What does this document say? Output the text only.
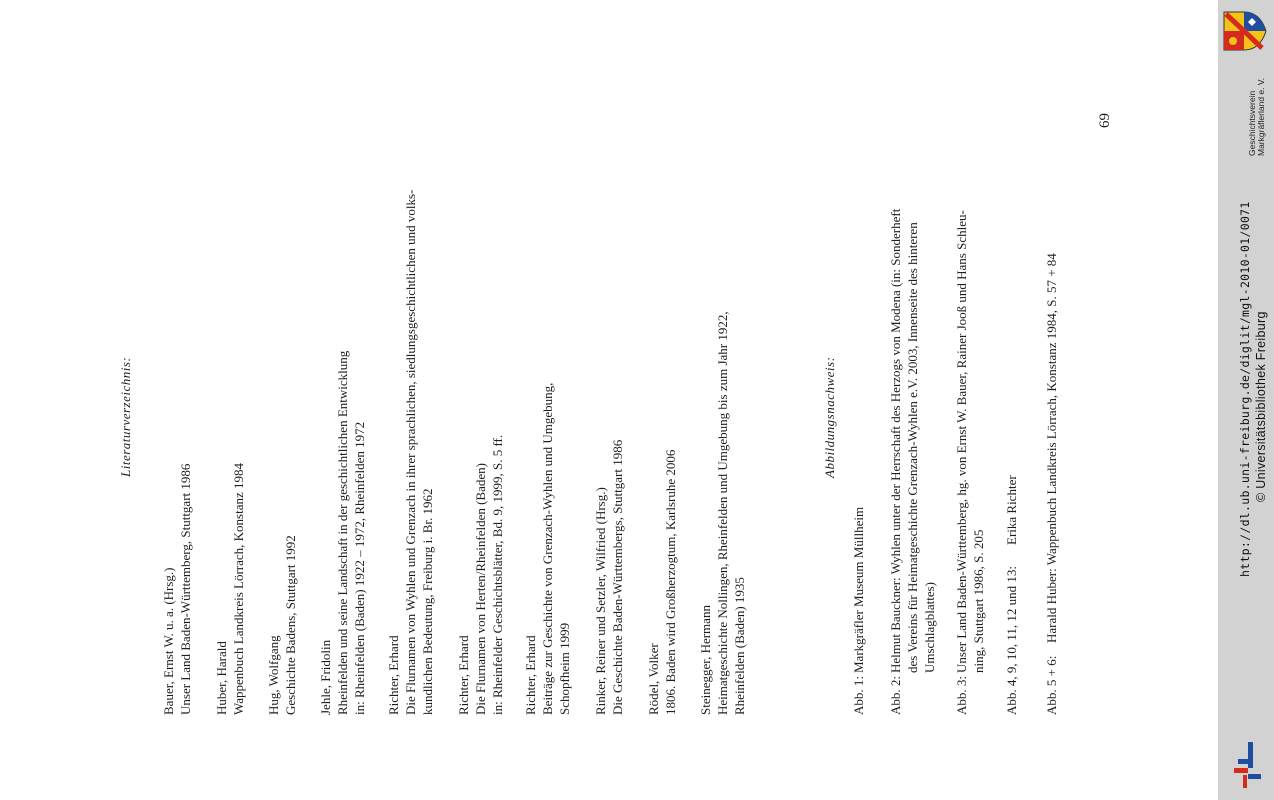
Literaturverzeichnis:
Bauer, Ernst W. u. a. (Hrsg.) Unser Land Baden-Württemberg, Stuttgart 1986 Huber, Harald Wappenbuch Landkreis Lörrach, Konstanz 1984 Hug, Wolfgang Geschichte Badens, Stuttgart 1992 Jehle, Fridolin Rheinfelden und seine Landschaft in der geschichtlichen Entwicklung in: Rheinfelden (Baden) 1922 – 1972, Rheinfelden 1972 Richter, Erhard Die Flurnamen von Wyhlen und Grenzach in ihrer sprachlichen, siedlungsgeschichtlichen und volks- kundlichen Bedeutung, Freiburg i. Br. 1962 Richter, Erhard Die Flurnamen von Herten/Rheinfelden (Baden) in: Rheinfelder Geschichtsblätter, Bd. 9, 1999, S. 5 ff. Richter, Erhard Beiträge zur Geschichte von Grenzach-Wyhlen und Umgebung, Schopfheim 1999 Rinker, Reiner und Setzler, Wilfried (Hrsg.) Die Geschichte Baden-Württembergs, Stuttgart 1986 Rödel, Volker 1806. Baden wird Großherzogtum, Karlsruhe 2006 Steinegger, Hermann Heimatgeschichte Nollingen, Rheinfelden und Umgebung bis zum Jahr 1922, Rheinfelden (Baden) 1935
Abbildungsnachweis:
Abb. 1:
Markgräfler Museum Müllheim
Abb. 2:
Helmut Bauckner: Wyhlen unter der Herrschaft des Herzogs von Modena (in: Sonderheft des Vereins für Heimatgeschichte Grenzach-Wyhlen e.V. 2003, Innenseite des hinteren Umschlagblattes)
Abb. 3:
Unser Land Baden-Württemberg, hg. von Ernst W. Bauer, Rainer Jooß und Hans Schleu- ning, Stuttgart 1986, S. 205 Abb. 4, 9, 10, 11, 12 und 13:
Erika Richter
Abb. 5 + 6:
Harald Huber: Wappenbuch Landkreis Lörrach, Konstanz 1984, S. 57 + 84
69
© Universitätsbibliothek Freiburg
http://dl.ub.uni-freiburg.de/diglit/mgl-2010-01/0071
Geschichtsverein Markgräflerland e. V.
